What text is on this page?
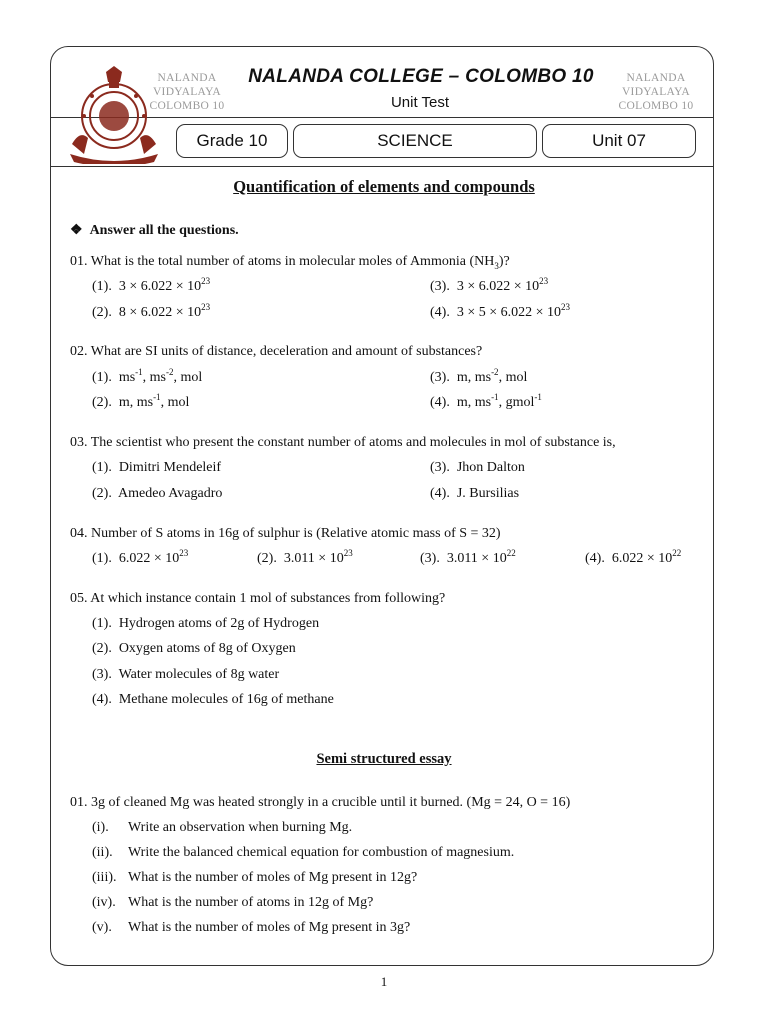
NALANDA
VIDYALAYA
COLOMBO 10
NALANDA
VIDYALAYA
COLOMBO 10
NALANDA COLLEGE – COLOMBO 10
Unit Test
Grade 10	SCIENCE	Unit 07
Quantification of elements and compounds
❖ Answer all the questions.
01. What is the total number of atoms in molecular moles of Ammonia $(NH_3)$?
(1).  $3 \times 6.022 \times 10^{23}$	(3).  $3 \times 6.022 \times 10^{23}$
(2).  $8 \times 6.022 \times 10^{23}$	(4).  $3 \times 5 \times 6.022 \times 10^{23}$
02. What are SI units of distance, deceleration and amount of substances?
(1).  $ms^{-1}$, $ms^{-2}$, mol	(3).  m, $ms^{-2}$, mol
(2).  m, $ms^{-1}$, mol	(4).  m, $ms^{-1}$, gmol$^{-1}$
03. The scientist who present the constant number of atoms and molecules in mol of substance is,
(1).  Dimitri Mendeleif	(3).  Jhon Dalton
(2).  Amedeo Avagadro	(4).  J. Bursilias
04. Number of S atoms in 16g of sulphur is (Relative atomic mass of S = 32)
(1).  $6.022 \times 10^{23}$	(2).  $3.011 \times 10^{23}$	(3).  $3.011 \times 10^{22}$	(4).  $6.022 \times 10^{22}$
05. At which instance contain 1 mol of substances from following?
(1).  Hydrogen atoms of 2g of Hydrogen
(2).  Oxygen atoms of 8g of Oxygen
(3).  Water molecules of 8g water
(4).  Methane molecules of 16g of methane
Semi structured essay
01. 3g of cleaned Mg was heated strongly in a crucible until it burned. (Mg = 24, O = 16)
(i). Write an observation when burning Mg.
(ii). Write the balanced chemical equation for combustion of magnesium.
(iii). What is the number of moles of Mg present in 12g?
(iv). What is the number of atoms in 12g of Mg?
(v). What is the number of moles of Mg present in 3g?
1
